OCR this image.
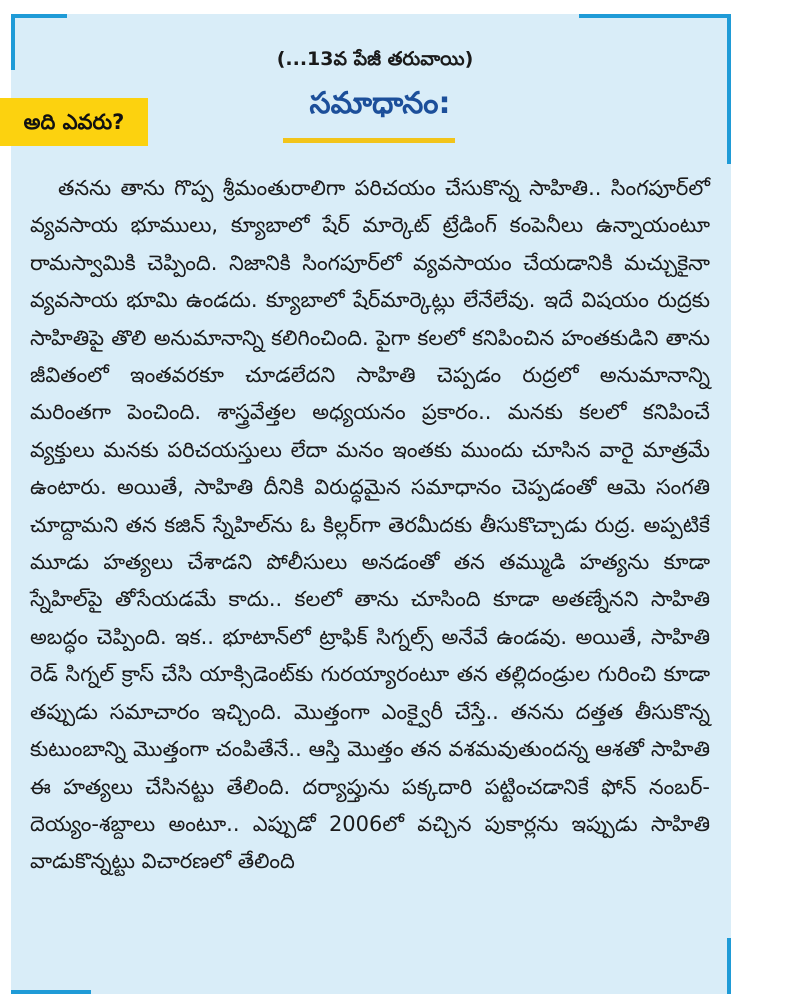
(...13వ పేజీ తరువాయి)
అది ఎవరు?
సమాధానం:

తనను తాను గొప్ప శ్రీమంతురాలిగా పరిచయం చేసుకొన్న సాహితి.. సింగపూర్‌లో వ్యవసాయ భూములు, క్యూబాలో షేర్ మార్కెట్ ట్రేడింగ్ కంపెనీలు ఉన్నాయంటూ రామస్వామికి చెప్పింది. నిజానికి సింగపూర్‌లో వ్యవసాయం చేయడానికి మచ్చుకైనా వ్యవసాయ భూమి ఉండదు. క్యూబాలో షేర్‌మార్కెట్లు లేనేలేవు. ఇదే విషయం రుద్రకు సాహితిపై తొలి అనుమానాన్ని కలిగించింది. పైగా కలలో కనిపించిన హంతకుడిని తాను జీవితంలో ఇంతవరకూ చూడలేదని సాహితి చెప్పడం రుద్రలో అనుమానాన్ని మరింతగా పెంచింది. శాస్త్రవేత్తల అధ్యయనం ప్రకారం.. మనకు కలలో కనిపించే వ్యక్తులు మనకు పరిచయస్తులు లేదా మనం ఇంతకు ముందు చూసిన వారై మాత్రమే ఉంటారు. అయితే, సాహితి దీనికి విరుద్ధమైన సమాధానం చెప్పడంతో ఆమె సంగతి చూద్దామని తన కజిన్ స్నేహిల్‌ను ఓ కిల్లర్‌గా తెరమీదకు తీసుకొచ్చాడు రుద్ర. అప్పటికే మూడు హత్యలు చేశాడని పోలీసులు అనడంతో తన తమ్ముడి హత్యను కూడా స్నేహిల్‌పై తోసేయడమే కాదు.. కలలో తాను చూసింది కూడా అతణ్నేనని సాహితి అబద్ధం చెప్పింది. ఇక.. భూటాన్‌లో ట్రాఫిక్ సిగ్నల్స్ అనేవే ఉండవు. అయితే, సాహితి రెడ్ సిగ్నల్ క్రాస్ చేసి యాక్సిడెంట్‌కు గురయ్యారంటూ తన తల్లిదండ్రుల గురించి కూడా తప్పుడు సమాచారం ఇచ్చింది. మొత్తంగా ఎంక్వైరీ చేస్తే.. తనను దత్తత తీసుకొన్న కుటుంబాన్ని మొత్తంగా చంపితేనే.. ఆస్తి మొత్తం తన వశమవుతుందన్న ఆశతో సాహితి ఈ హత్యలు చేసినట్టు తేలింది. దర్యాప్తును పక్కదారి పట్టించడానికే ఫోన్ నంబర్-దెయ్యం-శబ్దాలు అంటూ.. ఎప్పుడో 2006లో వచ్చిన పుకార్లను ఇప్పుడు సాహితి వాడుకొన్నట్టు విచారణలో తేలింది
